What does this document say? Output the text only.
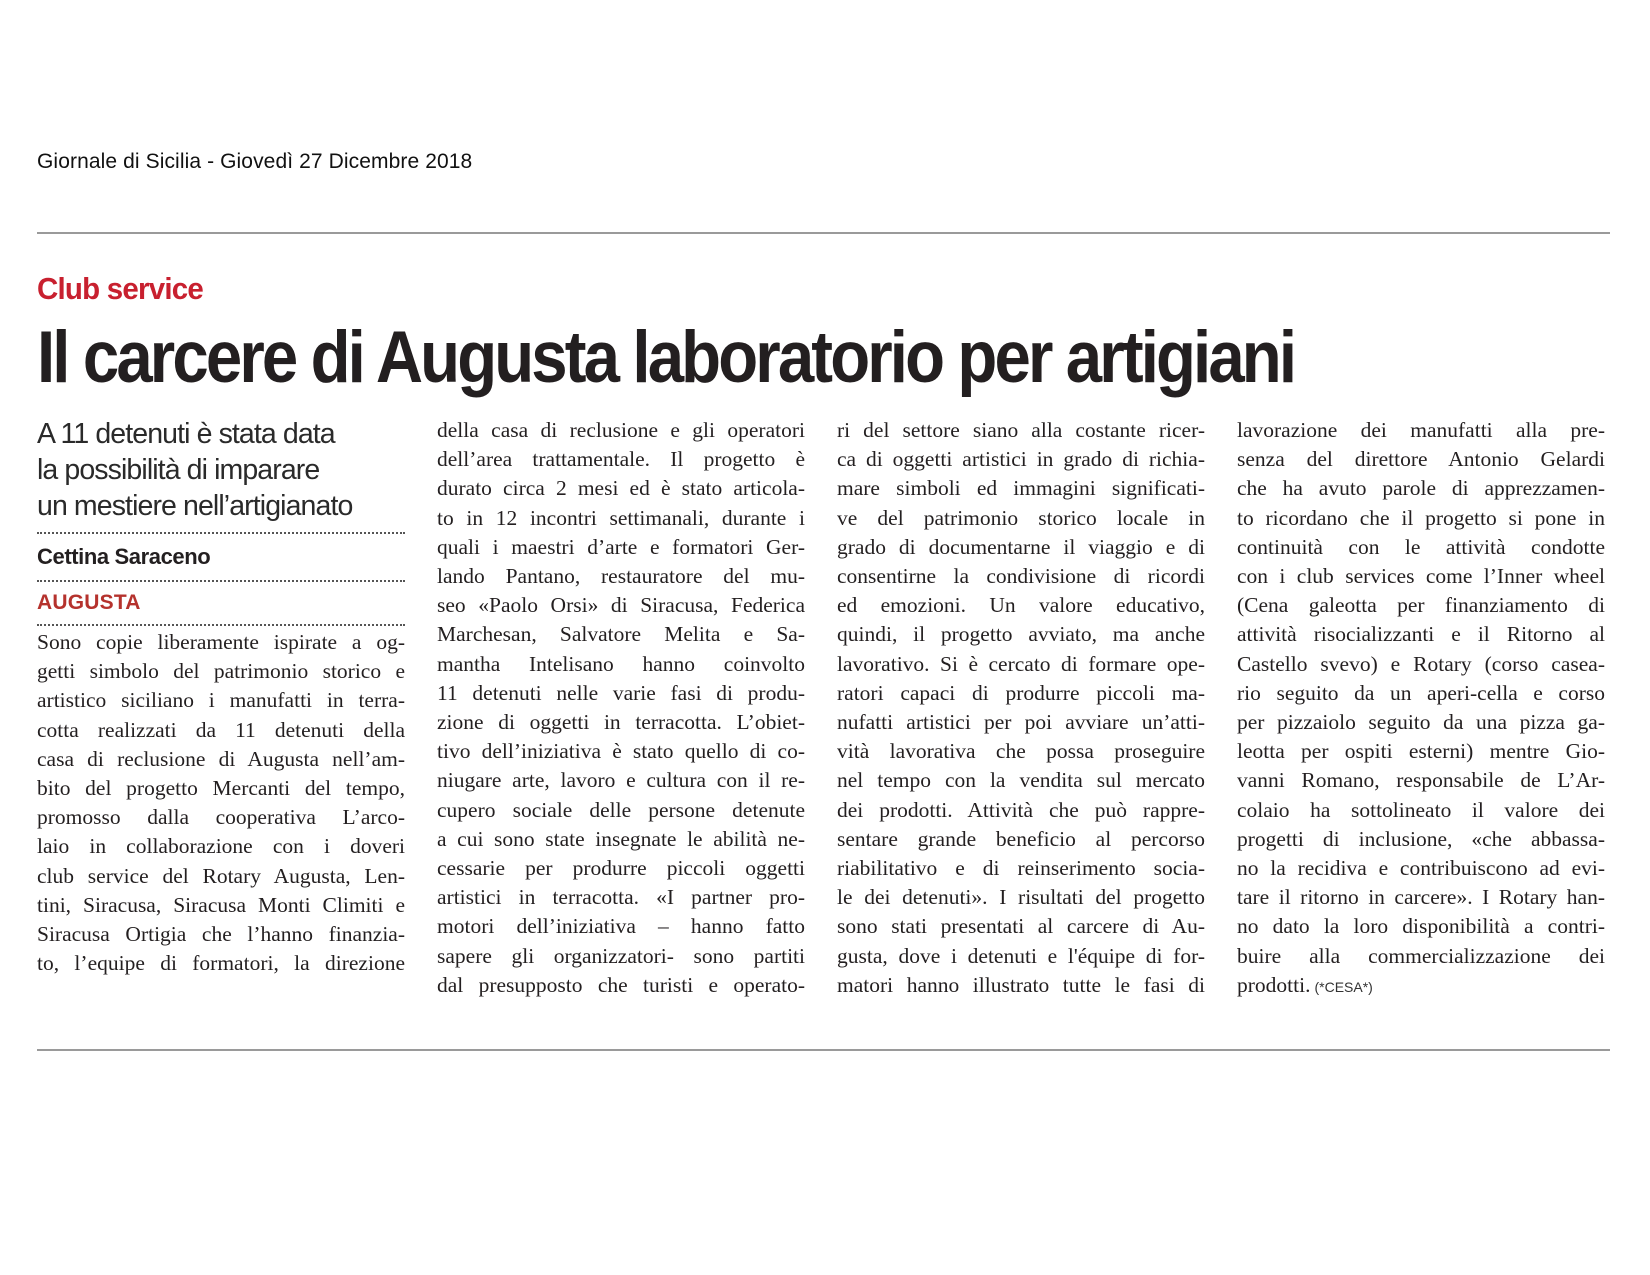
Giornale di Sicilia - Giovedì 27 Dicembre 2018
Club service
Il carcere di Augusta laboratorio per artigiani
A 11 detenuti è stata data
la possibilità di imparare
un mestiere nell’artigianato
Cettina Saraceno
AUGUSTA
Sono copie liberamente ispirate a og-
getti simbolo del patrimonio storico e
artistico siciliano i manufatti in terra-
cotta realizzati da 11 detenuti della
casa di reclusione di Augusta nell’am-
bito del progetto Mercanti del tempo,
promosso dalla cooperativa L’arco-
laio in collaborazione con i doveri
club service del Rotary Augusta, Len-
tini, Siracusa, Siracusa Monti Climiti e
Siracusa Ortigia che l’hanno finanzia-
to, l’equipe di formatori, la direzione
della casa di reclusione e gli operatori
dell’area trattamentale. Il progetto è
durato circa 2 mesi ed è stato articola-
to in 12 incontri settimanali, durante i
quali i maestri d’arte e formatori Ger-
lando Pantano, restauratore del mu-
seo «Paolo Orsi» di Siracusa, Federica
Marchesan, Salvatore Melita e Sa-
mantha Intelisano hanno coinvolto
11 detenuti nelle varie fasi di produ-
zione di oggetti in terracotta. L’obiet-
tivo dell’iniziativa è stato quello di co-
niugare arte, lavoro e cultura con il re-
cupero sociale delle persone detenute
a cui sono state insegnate le abilità ne-
cessarie per produrre piccoli oggetti
artistici in terracotta. «I partner pro-
motori dell’iniziativa – hanno fatto
sapere gli organizzatori- sono partiti
dal presupposto che turisti e operato-
ri del settore siano alla costante ricer-
ca di oggetti artistici in grado di richia-
mare simboli ed immagini significati-
ve del patrimonio storico locale in
grado di documentarne il viaggio e di
consentirne la condivisione di ricordi
ed emozioni. Un valore educativo,
quindi, il progetto avviato, ma anche
lavorativo. Si è cercato di formare ope-
ratori capaci di produrre piccoli ma-
nufatti artistici per poi avviare un’atti-
vità lavorativa che possa proseguire
nel tempo con la vendita sul mercato
dei prodotti. Attività che può rappre-
sentare grande beneficio al percorso
riabilitativo e di reinserimento socia-
le dei detenuti». I risultati del progetto
sono stati presentati al carcere di Au-
gusta, dove i detenuti e l'équipe di for-
matori hanno illustrato tutte le fasi di
lavorazione dei manufatti alla pre-
senza del direttore Antonio Gelardi
che ha avuto parole di apprezzamen-
to ricordano che il progetto si pone in
continuità con le attività condotte
con i club services come l’Inner wheel
(Cena galeotta per finanziamento di
attività risocializzanti e il Ritorno al
Castello svevo) e Rotary (corso casea-
rio seguito da un aperi-cella e corso
per pizzaiolo seguito da una pizza ga-
leotta per ospiti esterni) mentre Gio-
vanni Romano, responsabile de L’Ar-
colaio ha sottolineato il valore dei
progetti di inclusione, «che abbassa-
no la recidiva e contribuiscono ad evi-
tare il ritorno in carcere». I Rotary han-
no dato la loro disponibilità a contri-
buire alla commercializzazione dei
prodotti. (*CESA*)
